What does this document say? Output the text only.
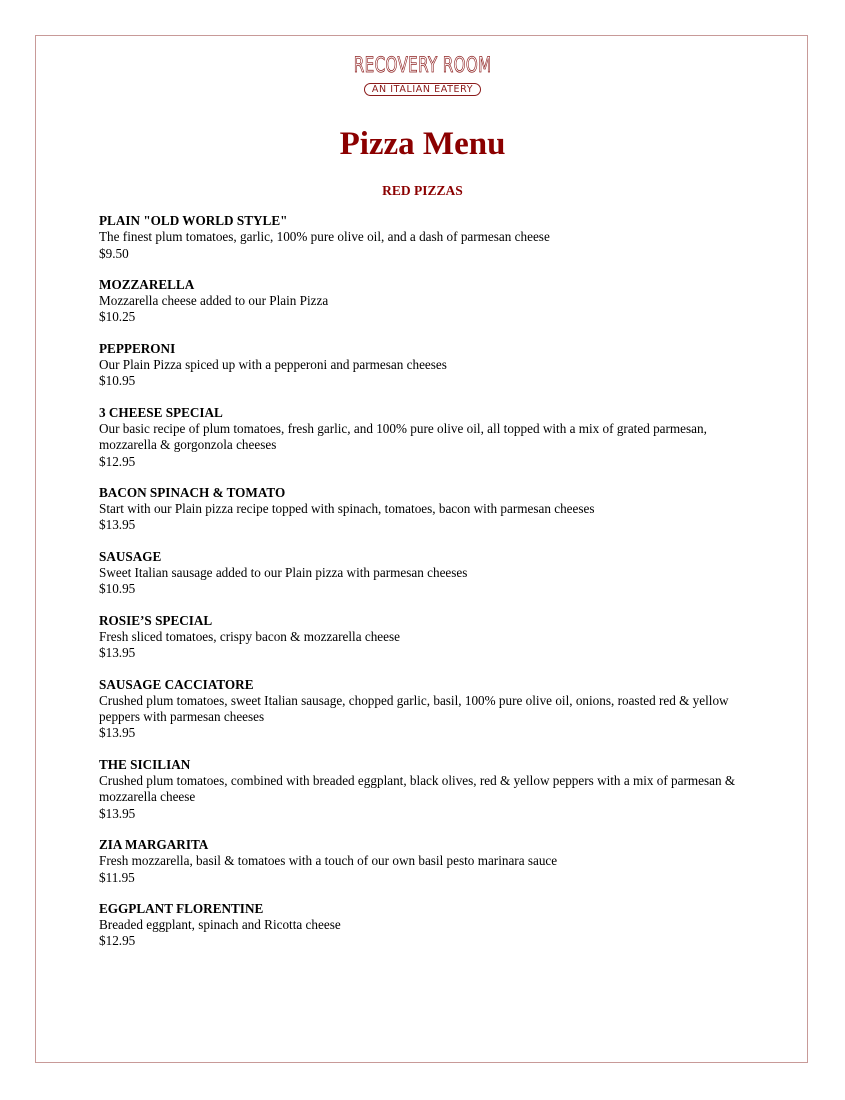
RECOVERY ROOM
AN ITALIAN EATERY
Pizza Menu
RED PIZZAS
PLAIN "OLD WORLD STYLE"
The finest plum tomatoes, garlic, 100% pure olive oil, and a dash of parmesan cheese
$9.50
MOZZARELLA
Mozzarella cheese added to our Plain Pizza
$10.25
PEPPERONI
Our Plain Pizza spiced up with a pepperoni and parmesan cheeses
$10.95
3 CHEESE SPECIAL
Our basic recipe of plum tomatoes, fresh garlic, and 100% pure olive oil, all topped with a mix of grated parmesan, mozzarella & gorgonzola cheeses
$12.95
BACON SPINACH & TOMATO
Start with our Plain pizza recipe topped with spinach, tomatoes, bacon with parmesan cheeses
$13.95
SAUSAGE
Sweet Italian sausage added to our Plain pizza with parmesan cheeses
$10.95
ROSIE’S SPECIAL
Fresh sliced tomatoes, crispy bacon & mozzarella cheese
$13.95
SAUSAGE CACCIATORE
Crushed plum tomatoes, sweet Italian sausage, chopped garlic, basil, 100% pure olive oil, onions, roasted red & yellow peppers with parmesan cheeses
$13.95
THE SICILIAN
Crushed plum tomatoes, combined with breaded eggplant, black olives, red & yellow peppers with a mix of parmesan & mozzarella cheese
$13.95
ZIA MARGARITA
Fresh mozzarella, basil & tomatoes with a touch of our own basil pesto marinara sauce
$11.95
EGGPLANT FLORENTINE
Breaded eggplant, spinach and Ricotta cheese
$12.95
